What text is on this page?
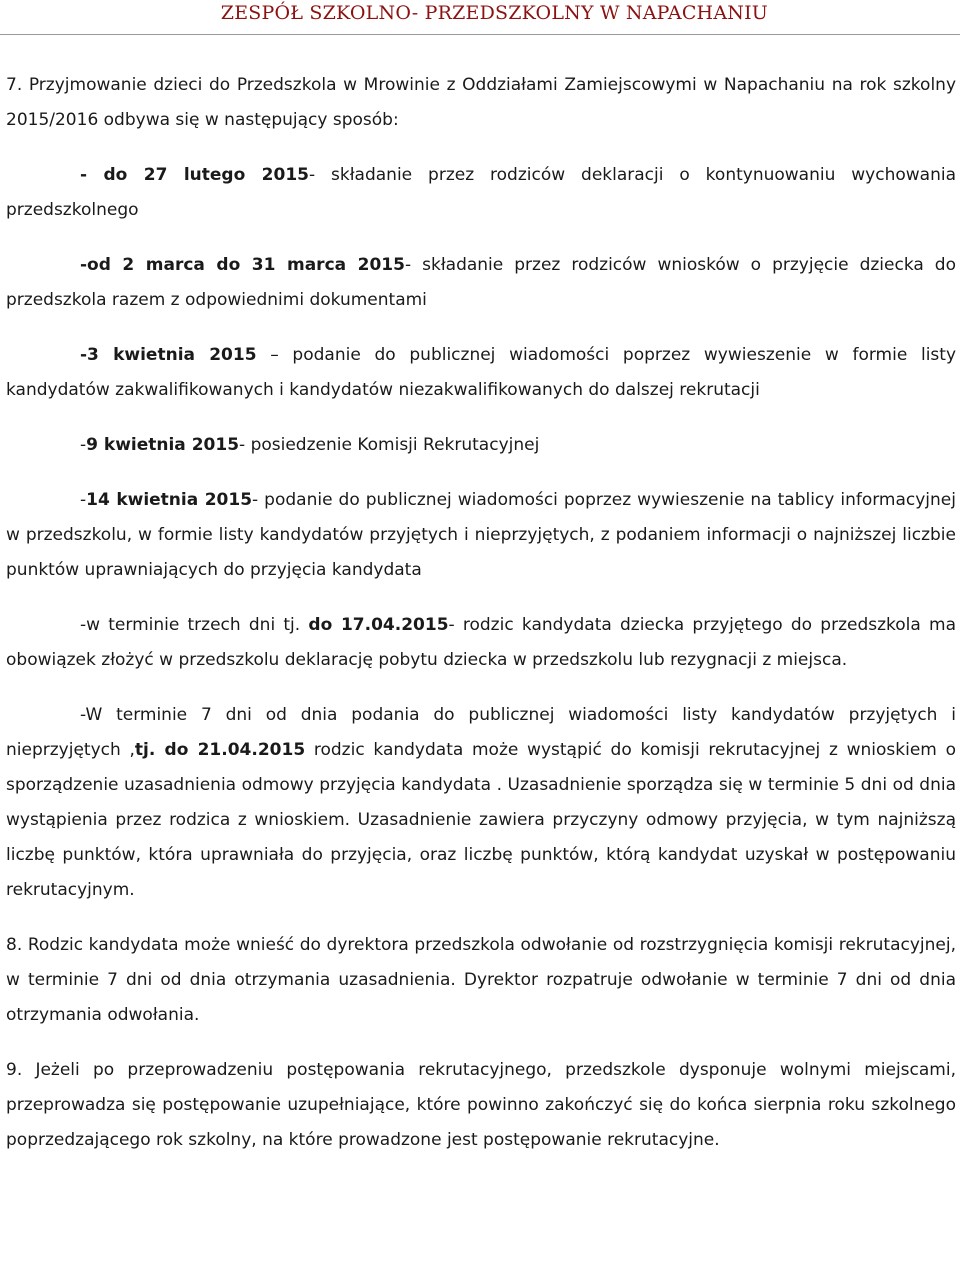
ZESPÓŁ SZKOLNO- PRZEDSZKOLNY W NAPACHANIU

7. Przyjmowanie dzieci do Przedszkola w Mrowinie z Oddziałami Zamiejscowymi w Napachaniu na rok szkolny 2015/2016 odbywa się w następujący sposób:

- do 27 lutego 2015- składanie przez rodziców deklaracji o kontynuowaniu wychowania przedszkolnego

-od 2 marca do 31 marca 2015- składanie przez rodziców wniosków o przyjęcie dziecka do przedszkola razem z odpowiednimi dokumentami

-3 kwietnia 2015 – podanie do publicznej wiadomości poprzez wywieszenie w formie listy kandydatów zakwalifikowanych i kandydatów niezakwalifikowanych do dalszej rekrutacji

-9 kwietnia 2015- posiedzenie Komisji Rekrutacyjnej

-14 kwietnia 2015- podanie do publicznej wiadomości poprzez wywieszenie na tablicy informacyjnej w przedszkolu, w formie listy kandydatów przyjętych i nieprzyjętych, z podaniem informacji o najniższej liczbie punktów uprawniających do przyjęcia kandydata

-w terminie trzech dni tj. do 17.04.2015- rodzic kandydata dziecka przyjętego do przedszkola ma obowiązek złożyć w przedszkolu deklarację pobytu dziecka w przedszkolu lub rezygnacji z miejsca.

-W terminie 7 dni od dnia podania do publicznej wiadomości listy kandydatów przyjętych i nieprzyjętych ,tj. do 21.04.2015 rodzic kandydata może wystąpić do komisji rekrutacyjnej z wnioskiem o sporządzenie uzasadnienia odmowy przyjęcia kandydata . Uzasadnienie sporządza się w terminie 5 dni od dnia wystąpienia przez rodzica z wnioskiem. Uzasadnienie zawiera przyczyny odmowy przyjęcia, w tym najniższą liczbę punktów, która uprawniała do przyjęcia, oraz liczbę punktów, którą kandydat uzyskał w postępowaniu rekrutacyjnym.

8. Rodzic kandydata może wnieść do dyrektora przedszkola odwołanie od rozstrzygnięcia komisji rekrutacyjnej, w terminie 7 dni od dnia otrzymania uzasadnienia. Dyrektor rozpatruje odwołanie w terminie 7 dni od dnia otrzymania odwołania.

9. Jeżeli po przeprowadzeniu postępowania rekrutacyjnego, przedszkole dysponuje wolnymi miejscami, przeprowadza się postępowanie uzupełniające, które powinno zakończyć się do końca sierpnia roku szkolnego poprzedzającego rok szkolny, na które prowadzone jest postępowanie rekrutacyjne.
